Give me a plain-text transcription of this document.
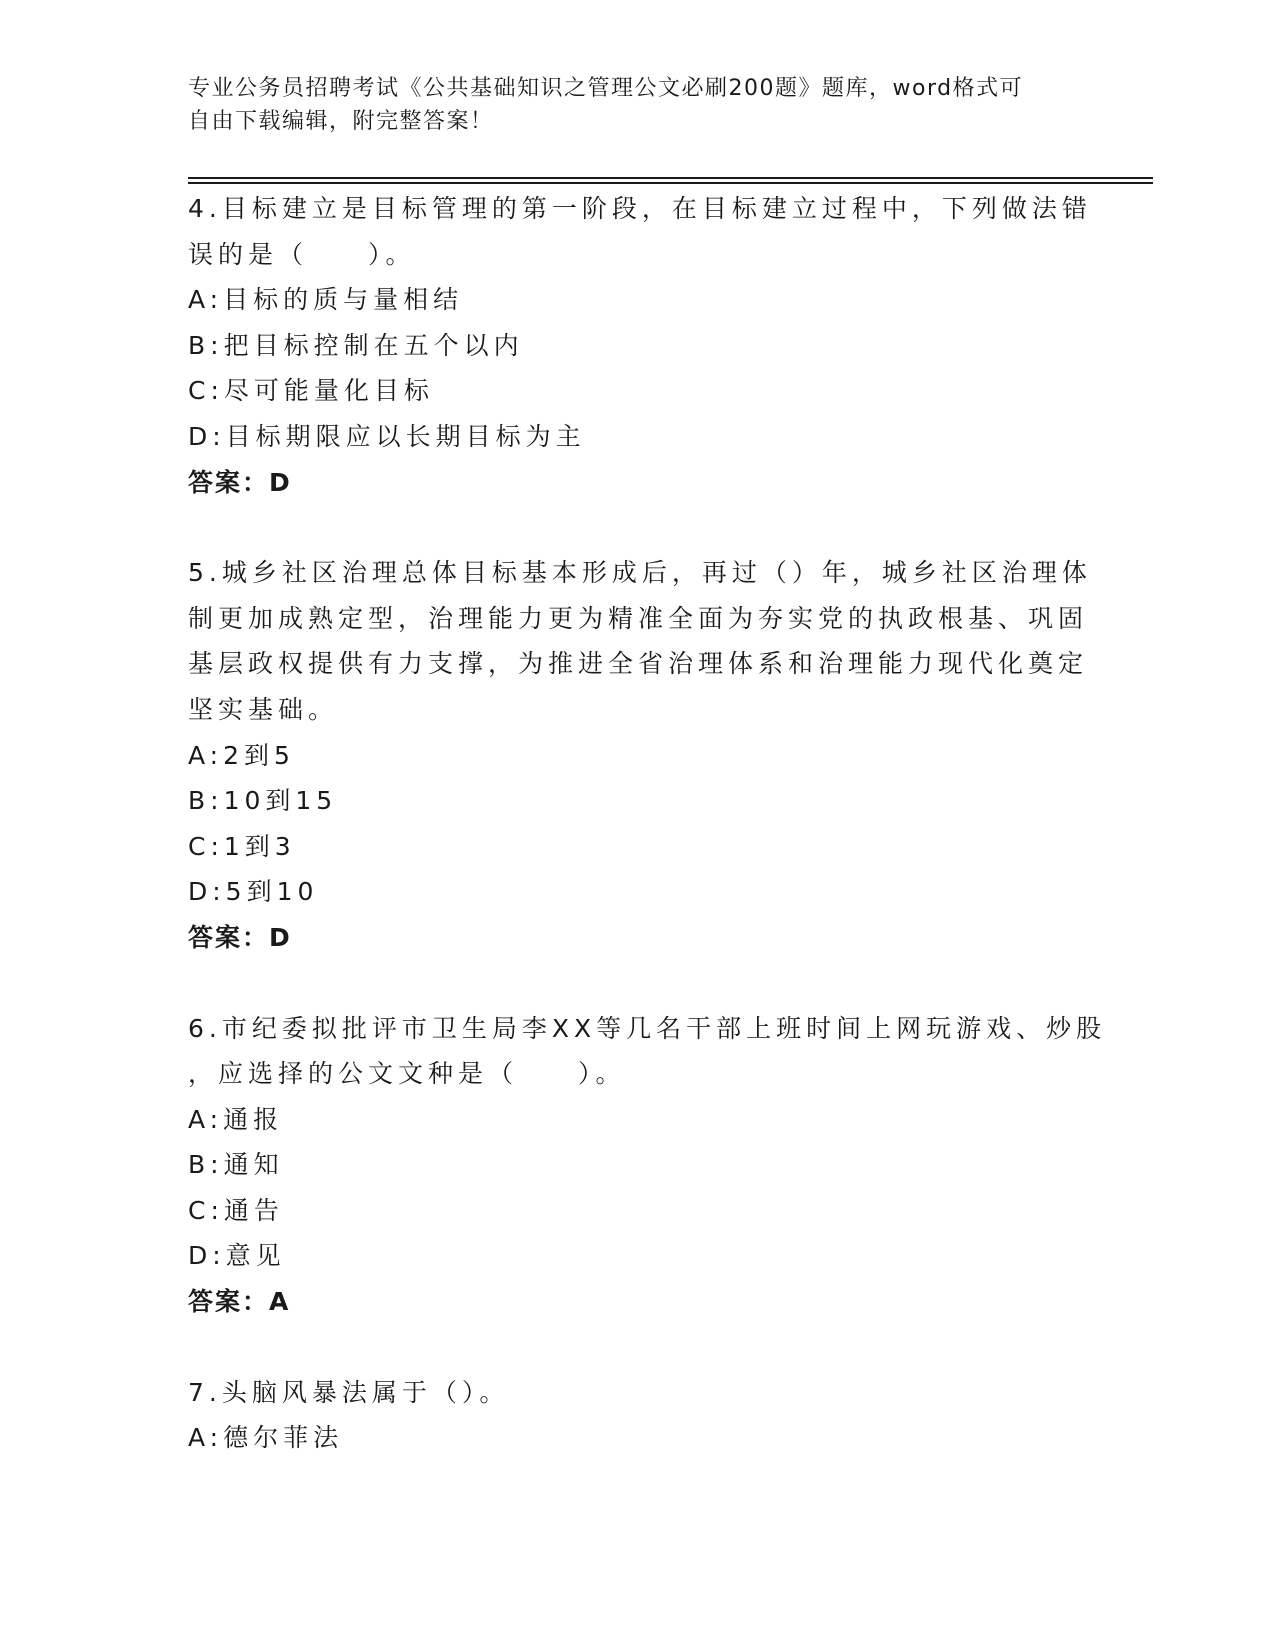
专业公务员招聘考试《公共基础知识之管理公文必刷200题》题库，word格式可
自由下载编辑，附完整答案！
4.目标建立是目标管理的第一阶段，在目标建立过程中，下列做法错
误的是（　　）。
A:目标的质与量相结
B:把目标控制在五个以内
C:尽可能量化目标
D:目标期限应以长期目标为主
答案：D
5.城乡社区治理总体目标基本形成后，再过（）年，城乡社区治理体
制更加成熟定型，治理能力更为精准全面为夯实党的执政根基、巩固
基层政权提供有力支撑，为推进全省治理体系和治理能力现代化奠定
坚实基础。
A:2到5
B:10到15
C:1到3
D:5到10
答案：D
6.市纪委拟批评市卫生局李XX等几名干部上班时间上网玩游戏、炒股
，应选择的公文文种是（　　）。
A:通报
B:通知
C:通告
D:意见
答案：A
7.头脑风暴法属于（）。
A:德尔菲法
